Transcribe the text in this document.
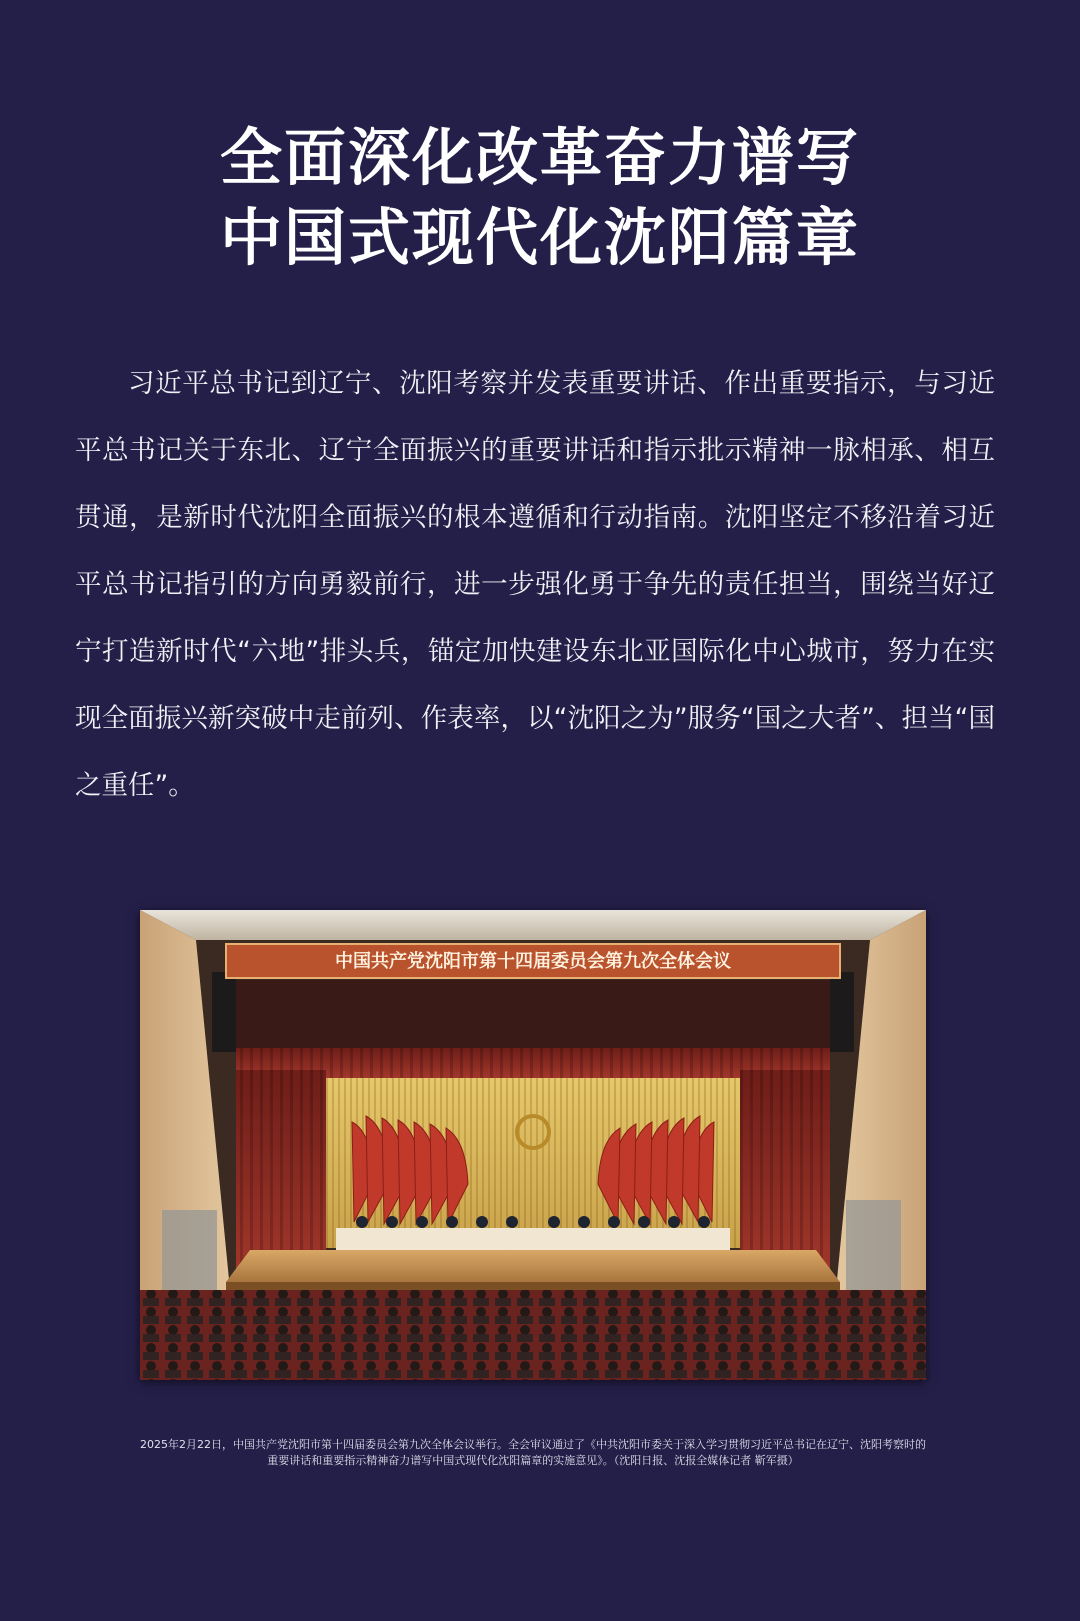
全面深化改革奋力谱写
中国式现代化沈阳篇章

习近平总书记到辽宁、沈阳考察并发表重要讲话、作出重要指示，与习近平总书记关于东北、辽宁全面振兴的重要讲话和指示批示精神一脉相承、相互贯通，是新时代沈阳全面振兴的根本遵循和行动指南。沈阳坚定不移沿着习近平总书记指引的方向勇毅前行，进一步强化勇于争先的责任担当，围绕当好辽宁打造新时代“六地”排头兵，锚定加快建设东北亚国际化中心城市，努力在实现全面振兴新突破中走前列、作表率，以“沈阳之为”服务“国之大者”、担当“国之重任”。

中国共产党沈阳市第十四届委员会第九次全体会议

2025年2月22日，中国共产党沈阳市第十四届委员会第九次全体会议举行。全会审议通过了《中共沈阳市委关于深入学习贯彻习近平总书记在辽宁、沈阳考察时的重要讲话和重要指示精神奋力谱写中国式现代化沈阳篇章的实施意见》。（沈阳日报、沈报全媒体记者 靳军摄）
